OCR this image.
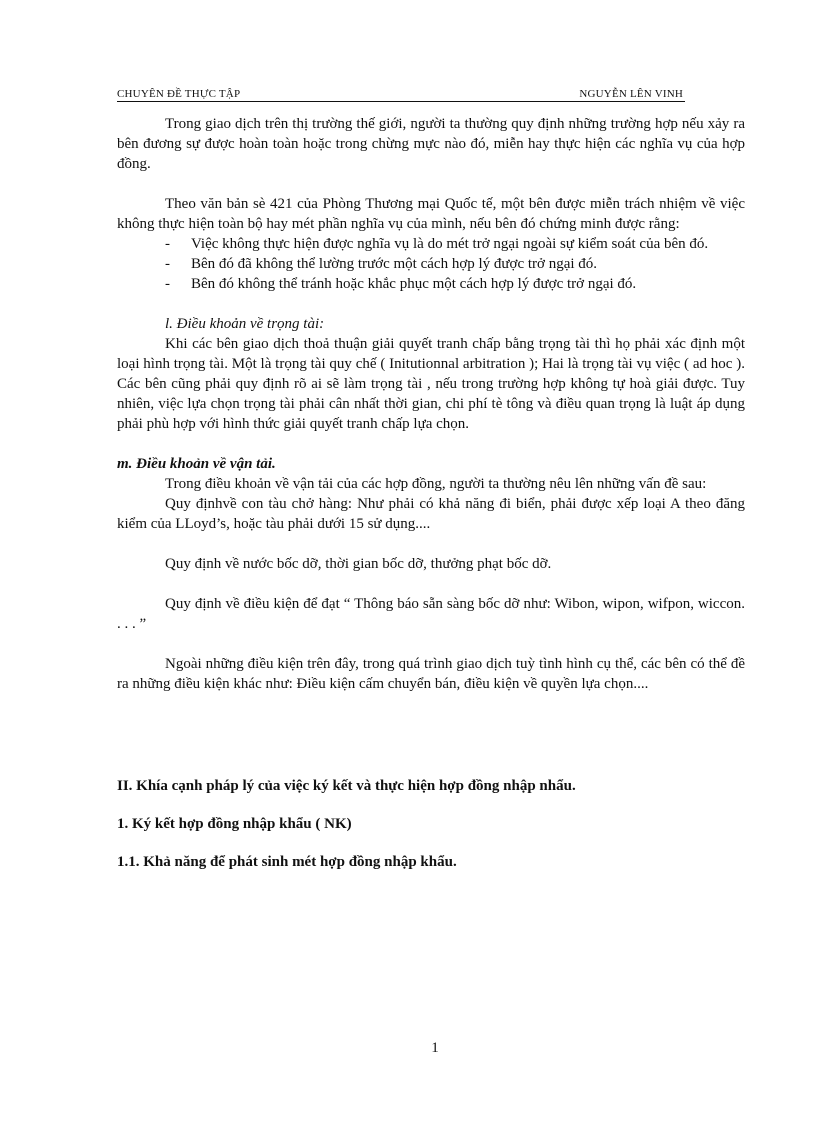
CHUYÊN ĐỀ THỰC TẬP	NGUYỄN LÊN VINH

Trong giao dịch trên thị trường thế giới, người ta thường quy định những trường hợp nếu xảy ra bên đương sự được hoàn toàn hoặc trong chừng mực nào đó, miễn hay thực hiện các nghĩa vụ của hợp đồng.

Theo văn bản sè 421 của Phòng Thương mại Quốc tế, một bên được miễn trách nhiệm về việc không thực hiện toàn bộ hay mét phần nghĩa vụ của mình, nếu bên đó chứng minh được rằng:

- Việc không thực hiện được nghĩa vụ là do mét trở ngại ngoài sự kiểm soát của bên đó.
- Bên đó đã không thể lường trước một cách hợp lý được trở ngại đó.
- Bên đó không thể tránh hoặc khắc phục một cách hợp lý được trở ngại đó.

l. Điều khoản về trọng tài:

Khi các bên giao dịch thoả thuận giải quyết tranh chấp bằng trọng tài thì họ phải xác định một loại hình trọng tài. Một là trọng tài quy chế ( Initutionnal arbitration ); Hai là trọng tài vụ việc ( ad hoc ). Các bên cũng phải quy định rõ ai sẽ làm trọng tài , nếu trong trường hợp không tự hoà giải được. Tuy nhiên, việc lựa chọn trọng tài phải cân nhất thời gian, chi phí tè tông và điều quan trọng là luật áp dụng phải phù hợp với hình thức giải quyết tranh chấp lựa chọn.

m. Điều khoản về vận tải.

Trong điều khoản về vận tải của các hợp đồng, người ta thường nêu lên những vấn đề sau:

Quy địnhvề con tàu chở hàng: Như phải có khả năng đi biển, phải được xếp loại A theo đăng kiểm của LLoyd’s, hoặc tàu phải dưới 15 sử dụng....

Quy định về nước bốc dỡ, thời gian bốc dỡ, thưởng phạt bốc dỡ.

Quy định về điều kiện để đạt “ Thông báo sẵn sàng bốc dỡ như: Wibon, wipon, wifpon, wiccon. . . . ”

Ngoài những điều kiện trên đây, trong quá trình giao dịch tuỳ tình hình cụ thể, các bên có thể đề ra những điều kiện khác như: Điều kiện cấm chuyển bán, điều kiện về quyền lựa chọn....

II. Khía cạnh pháp lý của việc ký kết và thực hiện hợp đồng nhập nhẩu.

1. Ký kết hợp đồng nhập khẩu ( NK)

1.1. Khả năng để phát sinh mét hợp đồng nhập khẩu.

1
